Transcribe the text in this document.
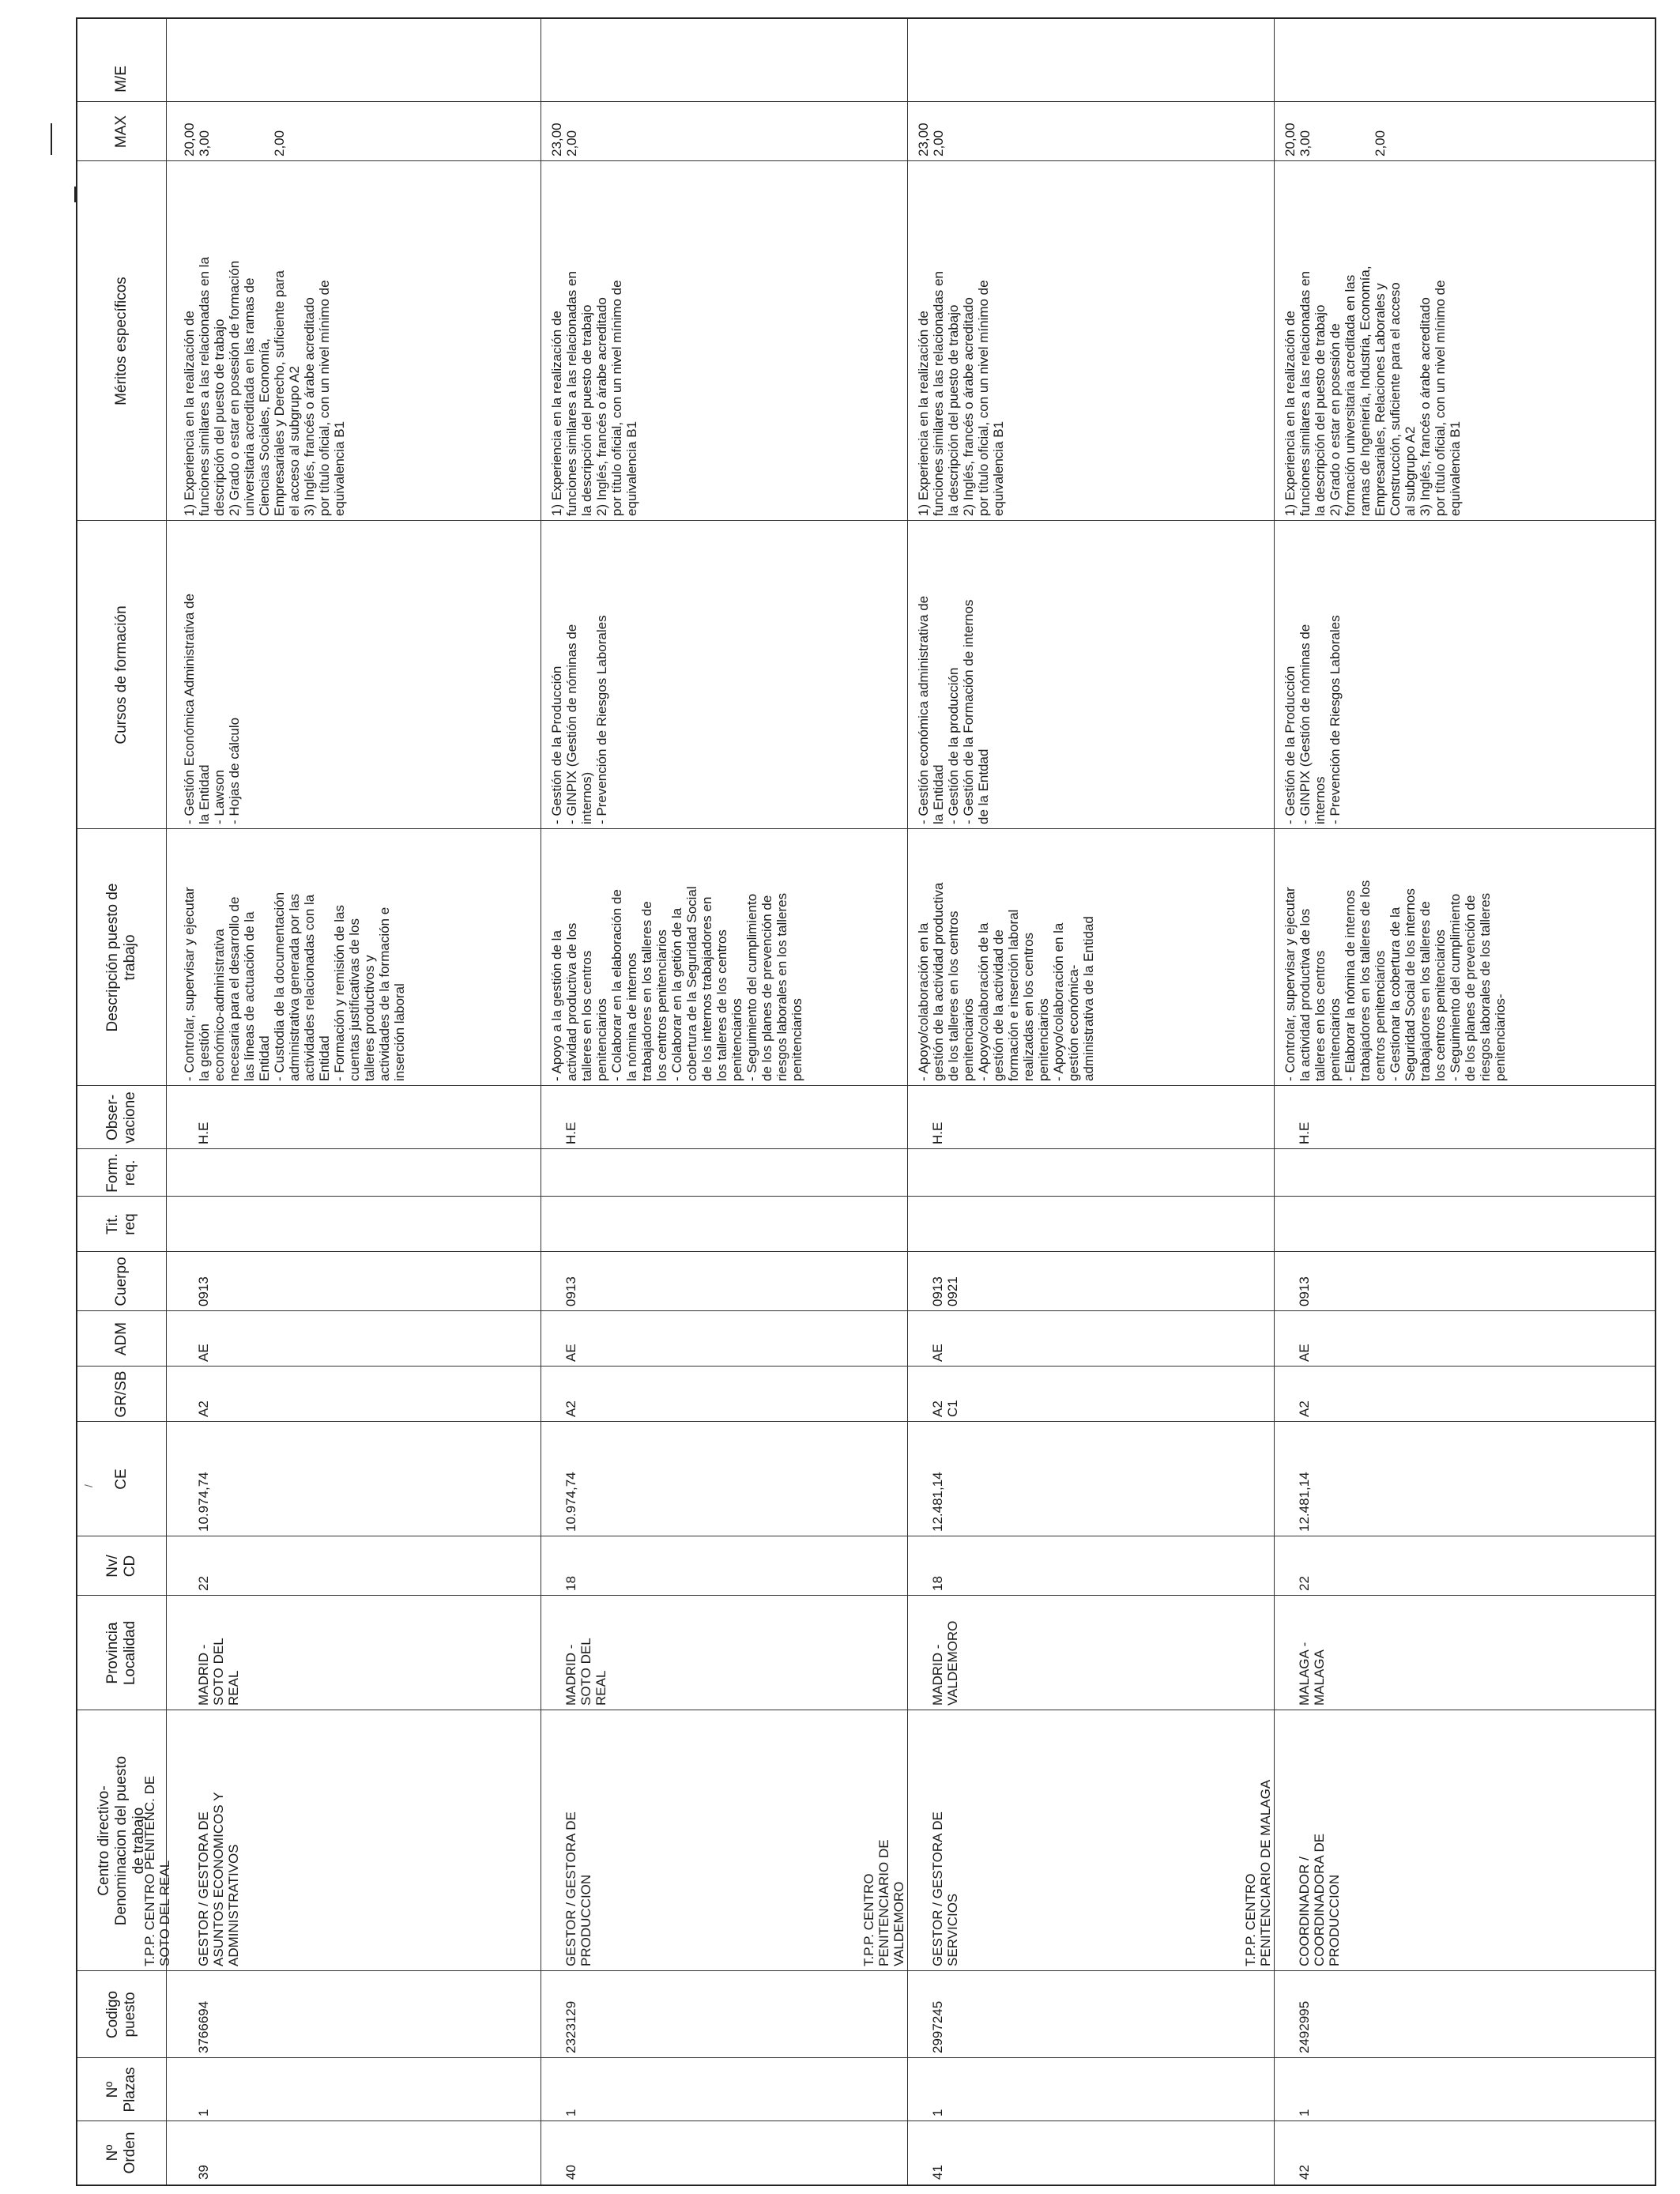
Nº
Orden
Nº
Plazas
Codigo
puesto
Centro directivo-
Denominacion del puesto
de trabajo
Provincia
Localidad
Nv/
CD
CE
GR/SB
ADM
Cuerpo
Tit.
req
Form.
req.
Obser-
vacione
Descripción puesto de
trabajo
Cursos de formación
Méritos específicos
MAX
M/E
T.P.P. CENTRO PENITENC. DE
SOTO DEL REAL
39
1
3766694
GESTOR / GESTORA DE
ASUNTOS ECONOMICOS Y
ADMINISTRATIVOS
MADRID -
SOTO DEL
REAL
22
10.974,74
A2
AE
0913
H.E
- Controlar, supervisar y ejecutar
la gestión
económico-administrativa
necesaria para el desarrollo de
las líneas de actuación de la
Entidad
- Custodia de la documentación
administrativa generada por las
actividades relacionadas con la
Entidad
- Formación y remisión de las
cuentas justificativas de los
talleres productivos y
actividades de la formación e
inserción laboral
- Gestión Económica Administrativa de
la Entidad
- Lawson
- Hojas de cálculo
1) Experiencia en la realización de
funciones similares a las relacionadas en la
descripción del puesto de trabajo
2) Grado o estar en posesión de formación
universitaria acreditada en las ramas de
Ciencias Sociales, Economía,
Empresariales y Derecho, suficiente para
el acceso al subgrupo A2
3) Inglés, francés o árabe acreditado
por título oficial, con un nivel mínimo de
equivalencia B1
20,00
3,00

2,00
40
1
2323129
GESTOR / GESTORA DE
PRODUCCION
MADRID -
SOTO DEL
REAL
18
10.974,74
A2
AE
0913
H.E
- Apoyo a la gestión de la
actividad productiva de los
talleres en los centros
penitenciarios
- Colaborar en la elaboración de
la nómina de internos
trabajadores en los talleres de
los centros penitenciarios
- Colaborar en la getión de la
cobertura de la Seguridad Social
de los internos trabajadores en
los talleres de los centros
penitenciarios
- Seguimiento del cumplimiento
de los planes de prevención de
riesgos laborales en los talleres
penitenciarios
- Gestión de la Producción
- GINPIX (Gestión de nóminas de
internos)
- Prevención de Riesgos Laborales
1) Experiencia en la realización de
funciones similares a las relacionadas en
la descripción del puesto de trabajo
2) Inglés, francés o árabe acreditado
por título oficial, con un nivel mínimo de
equivalencia B1
23,00
2,00
T.P.P. CENTRO
PENITENCIARIO DE
VALDEMORO
41
1
2997245
GESTOR / GESTORA DE
SERVICIOS
MADRID -
VALDEMORO
18
12.481,14
A2
C1
AE
0913
0921
H.E
- Apoyo/colaboración en la
gestión de la actividad productiva
de los talleres en los centros
penitenciarios
- Apoyo/colaboración de la
gestión de la actividad de
formación e inserción laboral
realizadas en los centros
penitenciarios
- Apoyo/colaboración en la
gestión económica-
administrativa de la Entidad
- Gestión económica administrativa de
la Entidad
- Gestión de la producción
- Gestión de la Formación de internos
de la Entdad
1) Experiencia en la realización de
funciones similares a las relacionadas en
la descripción del puesto de trabajo
2) Inglés, francés o árabe acreditado
por título oficial, con un nivel mínimo de
equivalencia B1
23,00
2,00
T.P.P. CENTRO
PENITENCIARIO DE MALAGA
42
1
2492995
COORDINADOR /
COORDINADORA DE
PRODUCCION
MALAGA -
MALAGA
22
12.481,14
A2
AE
0913
H.E
- Controlar, supervisar y ejecutar
la actividad productiva de los
talleres en los centros
penitenciarios
- Elaborar la nómina de internos
trabajadores en los talleres de los
centros penitenciarios
- Gestionar la cobertura de la
Seguridad Social de los internos
trabajadores en los talleres de
los centros penitenciarios
- Seguimiento del cumplimiento
de los planes de prevención de
riesgos laborales de los talleres
penitenciarios-
- Gestión de la Producción
- GINPIX (Gestión de nóminas de
internos
- Prevención de Riesgos Laborales
1) Experiencia en la realización de
funciones similares a las relacionadas en
la descripción del puesto de trabajo
2) Grado o estar en posesión de
formación universitaria acreditada en las
ramas de Ingeniería, Industria, Economía,
Empresariales, Relaciones Laborales y
Construcción, suficiente para el acceso
al subgrupo A2
3) Inglés, francés o árabe acreditado
por título oficial, con un nivel mínimo de
equivalencia B1
20,00
3,00

2,00
/
